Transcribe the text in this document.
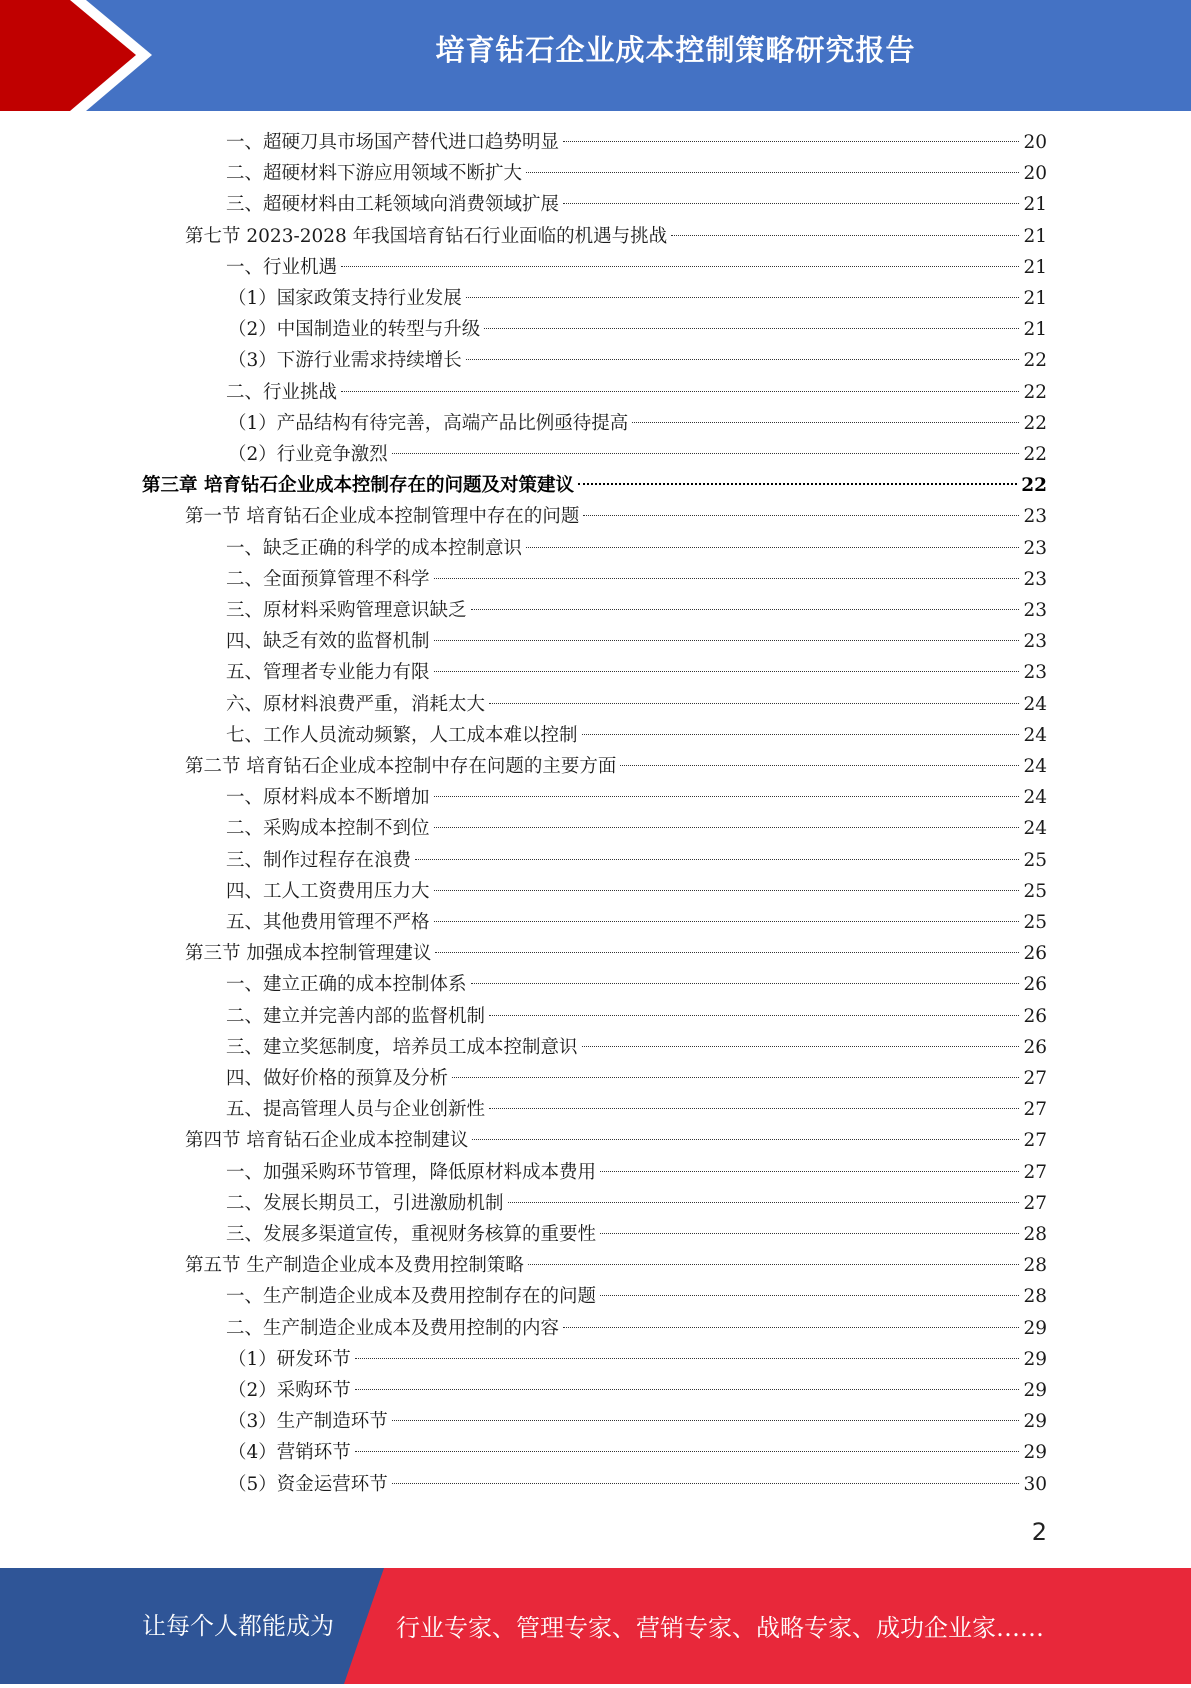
培育钻石企业成本控制策略研究报告
一、超硬刀具市场国产替代进口趋势明显	20
二、超硬材料下游应用领域不断扩大	20
三、超硬材料由工耗领域向消费领域扩展	21
第七节 2023-2028 年我国培育钻石行业面临的机遇与挑战	21
一、行业机遇	21
（1）国家政策支持行业发展	21
（2）中国制造业的转型与升级	21
（3）下游行业需求持续增长	22
二、行业挑战	22
（1）产品结构有待完善，高端产品比例亟待提高	22
（2）行业竞争激烈	22
第三章 培育钻石企业成本控制存在的问题及对策建议	22
第一节 培育钻石企业成本控制管理中存在的问题	23
一、缺乏正确的科学的成本控制意识	23
二、全面预算管理不科学	23
三、原材料采购管理意识缺乏	23
四、缺乏有效的监督机制	23
五、管理者专业能力有限	23
六、原材料浪费严重，消耗太大	24
七、工作人员流动频繁，人工成本难以控制	24
第二节 培育钻石企业成本控制中存在问题的主要方面	24
一、原材料成本不断增加	24
二、采购成本控制不到位	24
三、制作过程存在浪费	25
四、工人工资费用压力大	25
五、其他费用管理不严格	25
第三节 加强成本控制管理建议	26
一、建立正确的成本控制体系	26
二、建立并完善内部的监督机制	26
三、建立奖惩制度，培养员工成本控制意识	26
四、做好价格的预算及分析	27
五、提高管理人员与企业创新性	27
第四节 培育钻石企业成本控制建议	27
一、加强采购环节管理，降低原材料成本费用	27
二、发展长期员工，引进激励机制	27
三、发展多渠道宣传，重视财务核算的重要性	28
第五节 生产制造企业成本及费用控制策略	28
一、生产制造企业成本及费用控制存在的问题	28
二、生产制造企业成本及费用控制的内容	29
（1）研发环节	29
（2）采购环节	29
（3）生产制造环节	29
（4）营销环节	29
（5）资金运营环节	30
2
让每个人都能成为	行业专家、管理专家、营销专家、战略专家、成功企业家……
